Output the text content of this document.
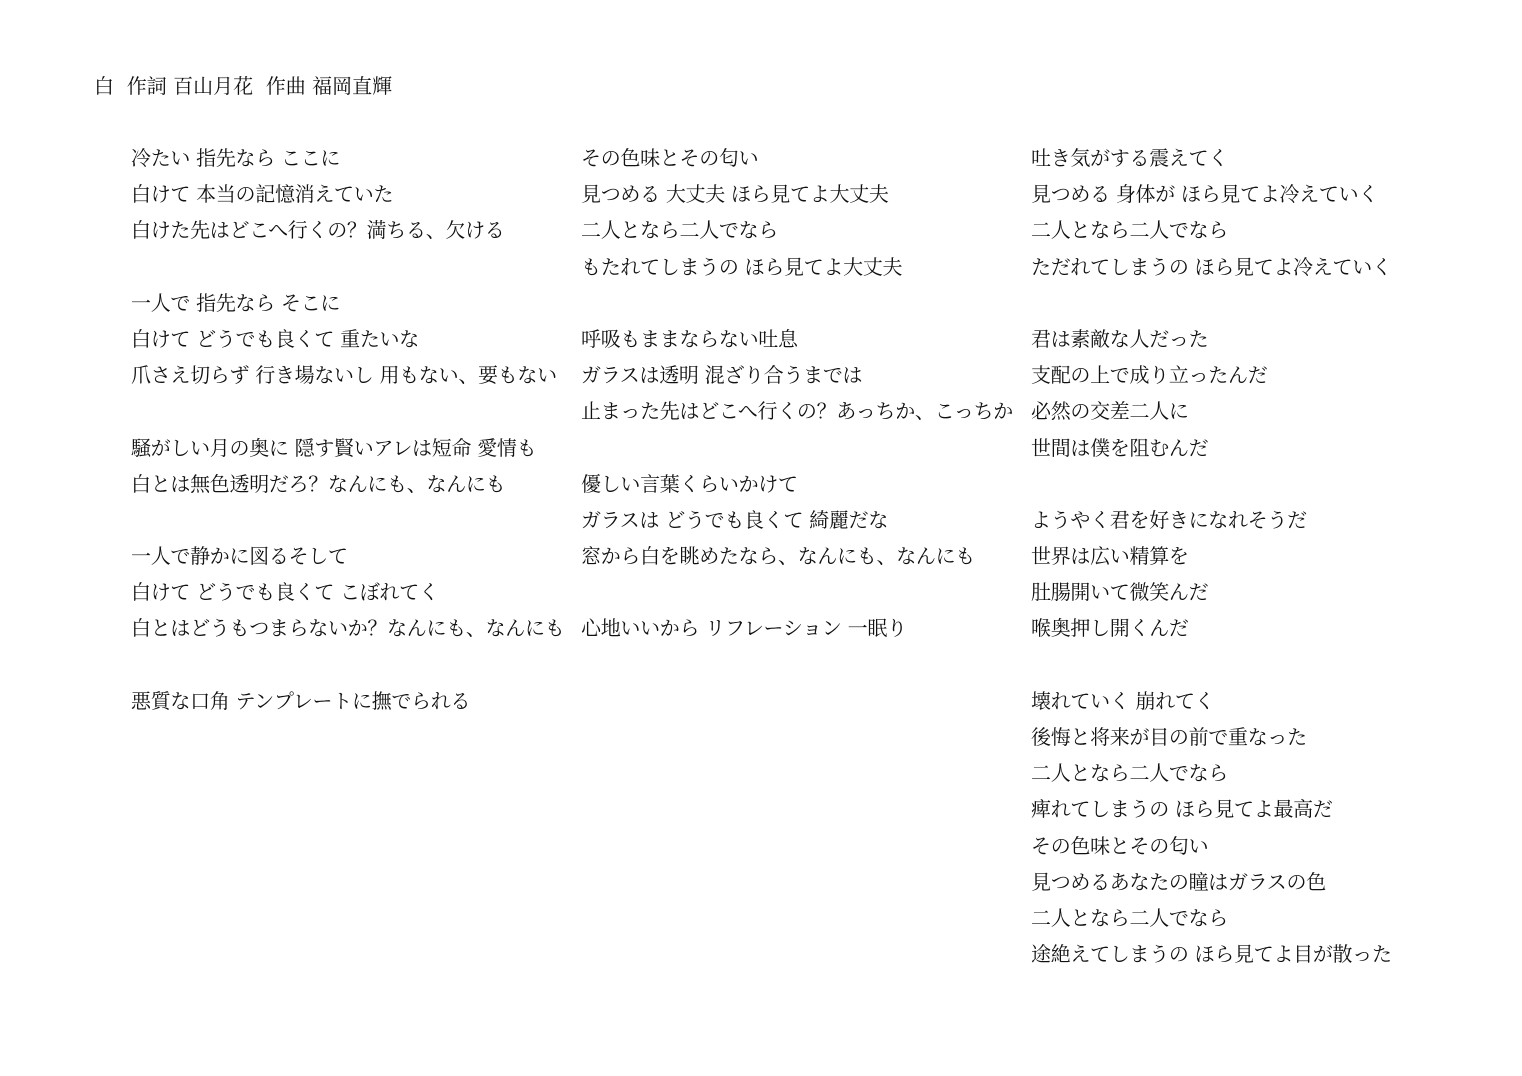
白 作詞 百山月花 作曲 福岡直輝
冷たい 指先なら ここに
白けて 本当の記憶消えていた
白けた先はどこへ行くの？満ちる、欠ける
一人で 指先なら そこに
白けて どうでも良くて 重たいな
爪さえ切らず 行き場ないし 用もない、要もない
騒がしい月の奥に 隠す賢いアレは短命 愛情も
白とは無色透明だろ？なんにも、なんにも
一人で静かに図るそして
白けて どうでも良くて こぼれてく
白とはどうもつまらないか？なんにも、なんにも
悪質な口角 テンプレートに撫でられる
その色味とその匂い
見つめる 大丈夫 ほら見てよ大丈夫
二人となら二人でなら
もたれてしまうの ほら見てよ大丈夫
呼吸もままならない吐息
ガラスは透明 混ざり合うまでは
止まった先はどこへ行くの？あっちか、こっちか
優しい言葉くらいかけて
ガラスは どうでも良くて 綺麗だな
窓から白を眺めたなら、なんにも、なんにも
心地いいから リフレーション 一眠り
吐き気がする震えてく
見つめる 身体が ほら見てよ冷えていく
二人となら二人でなら
ただれてしまうの ほら見てよ冷えていく
君は素敵な人だった
支配の上で成り立ったんだ
必然の交差二人に
世間は僕を阻むんだ
ようやく君を好きになれそうだ
世界は広い精算を
肚腸開いて微笑んだ
喉奥押し開くんだ
壊れていく 崩れてく
後悔と将来が目の前で重なった
二人となら二人でなら
痺れてしまうの ほら見てよ最高だ
その色味とその匂い
見つめるあなたの瞳はガラスの色
二人となら二人でなら
途絶えてしまうの ほら見てよ目が散った
